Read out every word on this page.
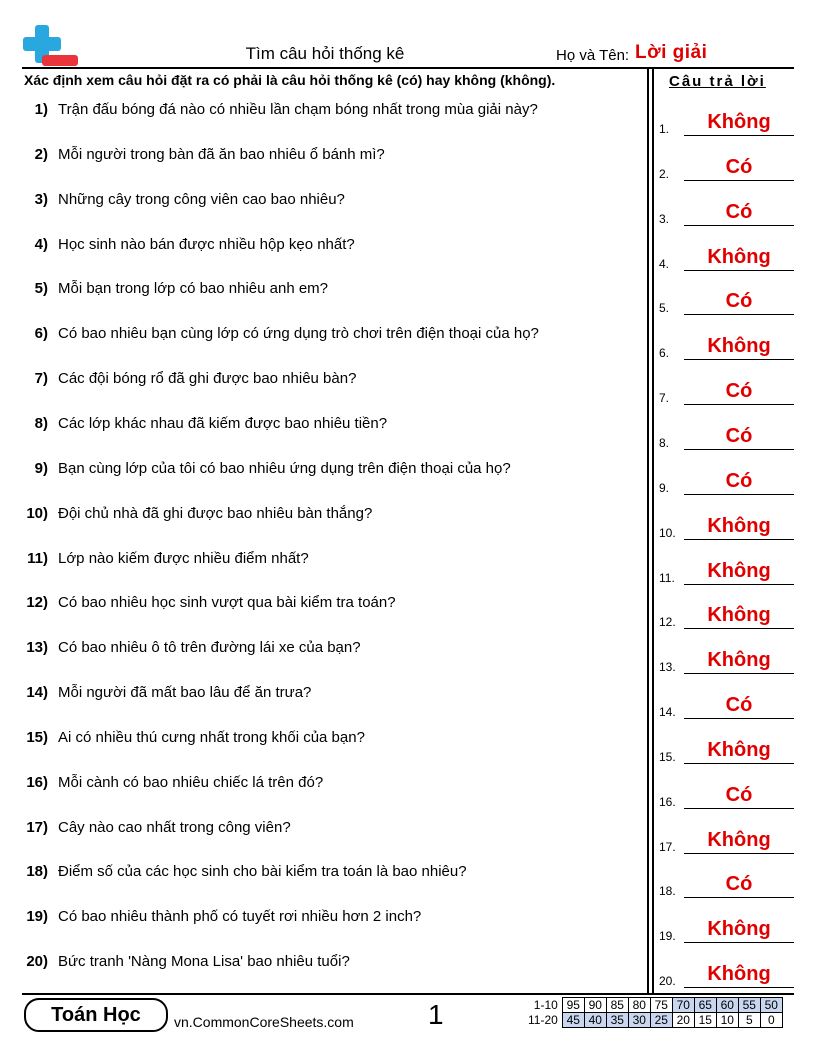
Tìm câu hỏi thống kê	Họ và Tên: Lời giải
Xác định xem câu hỏi đặt ra có phải là câu hỏi thống kê (có) hay không (không).	Câu trả lời
1) Trận đấu bóng đá nào có nhiều lần chạm bóng nhất trong mùa giải này?
2) Mỗi người trong bàn đã ăn bao nhiêu ổ bánh mì?
3) Những cây trong công viên cao bao nhiêu?
4) Học sinh nào bán được nhiều hộp kẹo nhất?
5) Mỗi bạn trong lớp có bao nhiêu anh em?
6) Có bao nhiêu bạn cùng lớp có ứng dụng trò chơi trên điện thoại của họ?
7) Các đội bóng rổ đã ghi được bao nhiêu bàn?
8) Các lớp khác nhau đã kiếm được bao nhiêu tiền?
9) Bạn cùng lớp của tôi có bao nhiêu ứng dụng trên điện thoại của họ?
10) Đội chủ nhà đã ghi được bao nhiêu bàn thắng?
11) Lớp nào kiếm được nhiều điểm nhất?
12) Có bao nhiêu học sinh vượt qua bài kiểm tra toán?
13) Có bao nhiêu ô tô trên đường lái xe của bạn?
14) Mỗi người đã mất bao lâu để ăn trưa?
15) Ai có nhiều thú cưng nhất trong khối của bạn?
16) Mỗi cành có bao nhiêu chiếc lá trên đó?
17) Cây nào cao nhất trong công viên?
18) Điểm số của các học sinh cho bài kiểm tra toán là bao nhiêu?
19) Có bao nhiêu thành phố có tuyết rơi nhiều hơn 2 inch?
20) Bức tranh 'Nàng Mona Lisa' bao nhiêu tuổi?
1.	Không
2.	Có
3.	Có
4.	Không
5.	Có
6.	Không
7.	Có
8.	Có
9.	Có
10.	Không
11.	Không
12.	Không
13.	Không
14.	Có
15.	Không
16.	Có
17.	Không
18.	Có
19.	Không
20.	Không
Toán Học	vn.CommonCoreSheets.com	1	1-10	95	90	85	80	75	70	65	60	55	50
11-20	45	40	35	30	25	20	15	10	5	0
